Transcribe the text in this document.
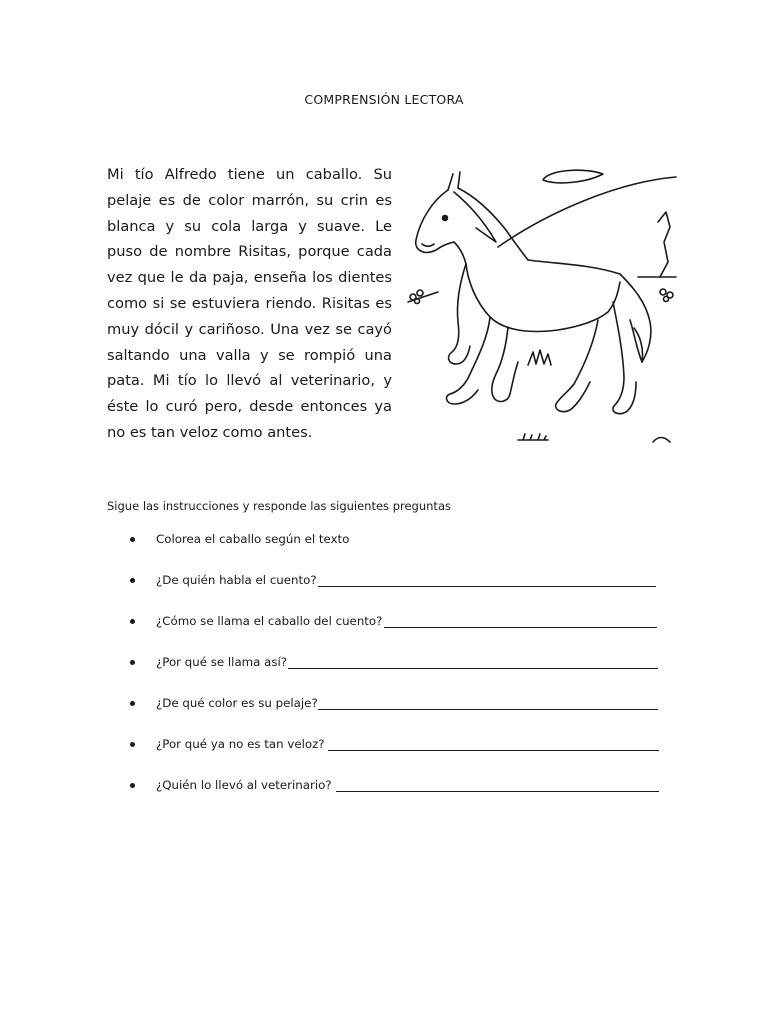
COMPRENSIÓN LECTORA
Mi tío Alfredo tiene un caballo. Su pelaje es de color marrón, su crin es blanca y su cola larga y suave. Le puso de nombre Risitas, porque cada vez que le da paja, enseña los dientes como si se estuviera riendo. Risitas es muy dócil y cariñoso. Una vez se cayó saltando una valla y se rompió una pata. Mi tío lo llevó al veterinario, y éste lo curó pero, desde entonces ya no es tan veloz como antes.
Sigue las instrucciones y responde las siguientes preguntas
Colorea el caballo según el texto
¿De quién habla el cuento?
¿Cómo se llama el caballo del cuento?
¿Por qué se llama así?
¿De qué color es su pelaje?
¿Por qué ya no es tan veloz?
¿Quién lo llevó al veterinario?
